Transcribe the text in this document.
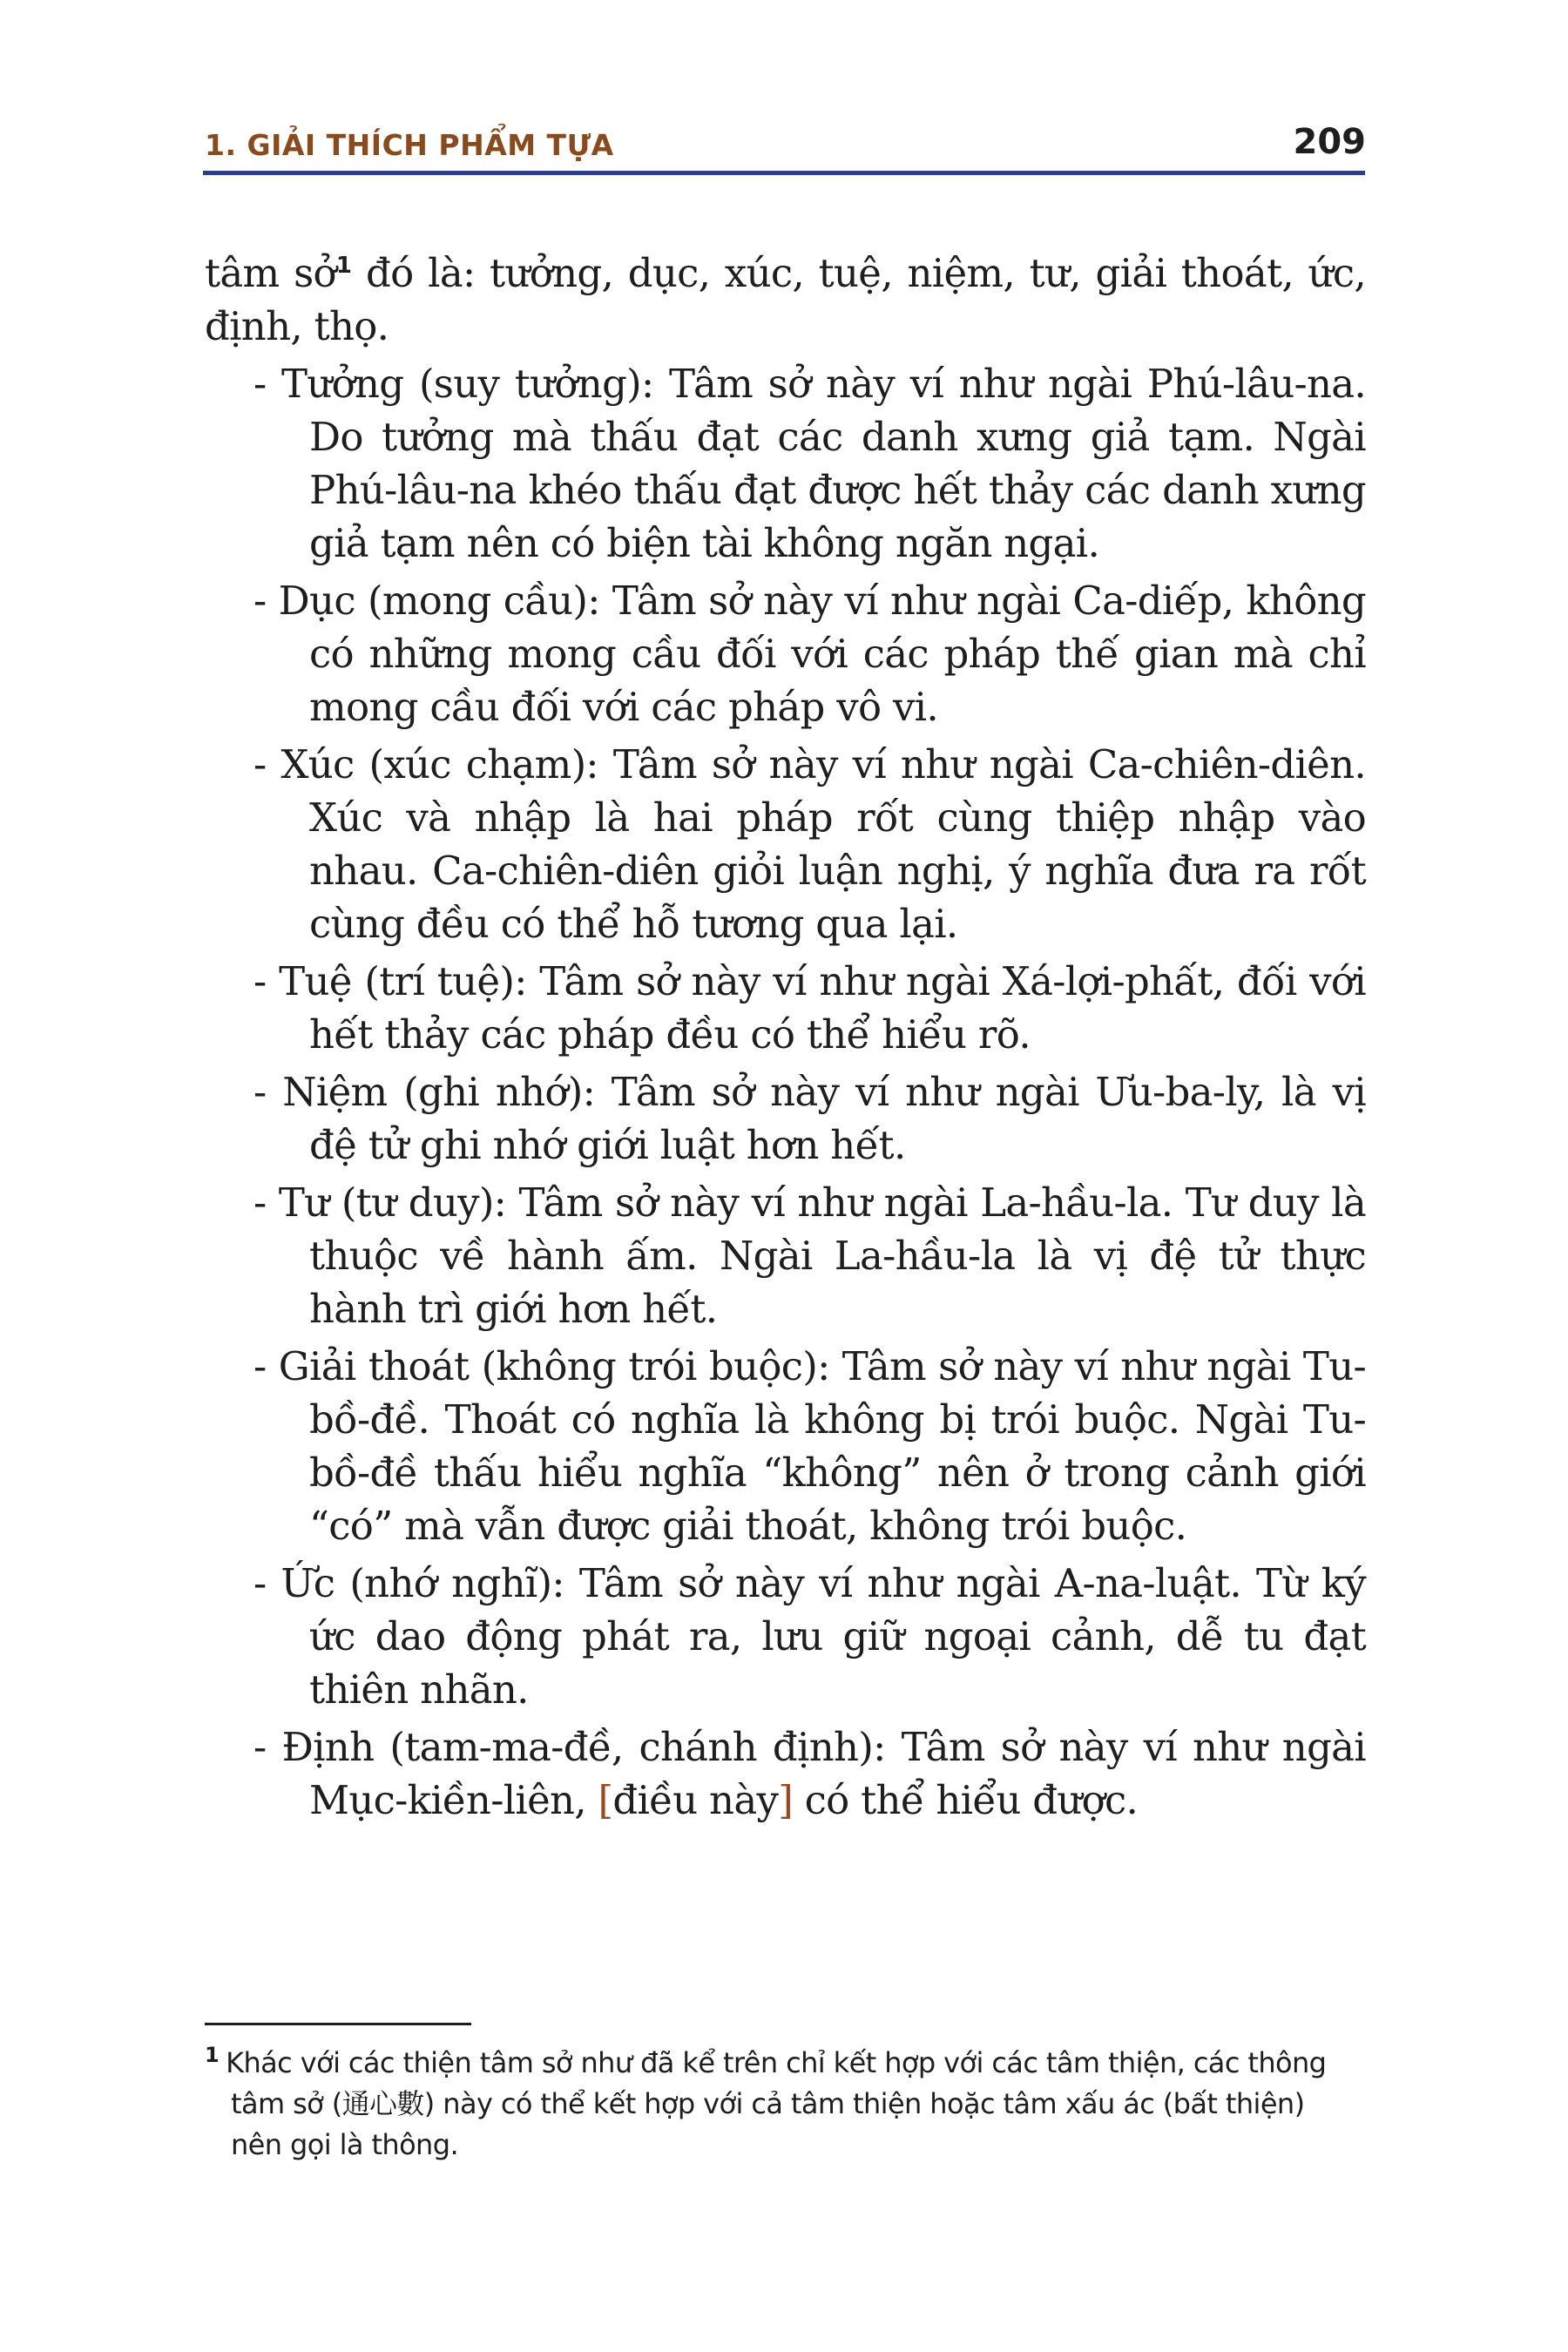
1. GIẢI THÍCH PHẨM TỰA	209

tâm sở$^1$ đó là: tưởng, dục, xúc, tuệ, niệm, tư, giải thoát, ức, định, thọ.

- Tưởng (suy tưởng): Tâm sở này ví như ngài Phú-lâu-na. Do tưởng mà thấu đạt các danh xưng giả tạm. Ngài Phú-lâu-na khéo thấu đạt được hết thảy các danh xưng giả tạm nên có biện tài không ngăn ngại.
- Dục (mong cầu): Tâm sở này ví như ngài Ca-diếp, không có những mong cầu đối với các pháp thế gian mà chỉ mong cầu đối với các pháp vô vi.
- Xúc (xúc chạm): Tâm sở này ví như ngài Ca-chiên-diên. Xúc và nhập là hai pháp rốt cùng thiệp nhập vào nhau. Ca-chiên-diên giỏi luận nghị, ý nghĩa đưa ra rốt cùng đều có thể hỗ tương qua lại.
- Tuệ (trí tuệ): Tâm sở này ví như ngài Xá-lợi-phất, đối với hết thảy các pháp đều có thể hiểu rõ.
- Niệm (ghi nhớ): Tâm sở này ví như ngài Ưu-ba-ly, là vị đệ tử ghi nhớ giới luật hơn hết.
- Tư (tư duy): Tâm sở này ví như ngài La-hầu-la. Tư duy là thuộc về hành ấm. Ngài La-hầu-la là vị đệ tử thực hành trì giới hơn hết.
- Giải thoát (không trói buộc): Tâm sở này ví như ngài Tu-bồ-đề. Thoát có nghĩa là không bị trói buộc. Ngài Tu-bồ-đề thấu hiểu nghĩa “không” nên ở trong cảnh giới “có” mà vẫn được giải thoát, không trói buộc.
- Ức (nhớ nghĩ): Tâm sở này ví như ngài A-na-luật. Từ ký ức dao động phát ra, lưu giữ ngoại cảnh, dễ tu đạt thiên nhãn.
- Định (tam-ma-đề, chánh định): Tâm sở này ví như ngài Mục-kiền-liên, [điều này] có thể hiểu được.
$^1$ Khác với các thiện tâm sở như đã kể trên chỉ kết hợp với các tâm thiện, các thông
tâm sở (通心數) này có thể kết hợp với cả tâm thiện hoặc tâm xấu ác (bất thiện)
nên gọi là thông.
